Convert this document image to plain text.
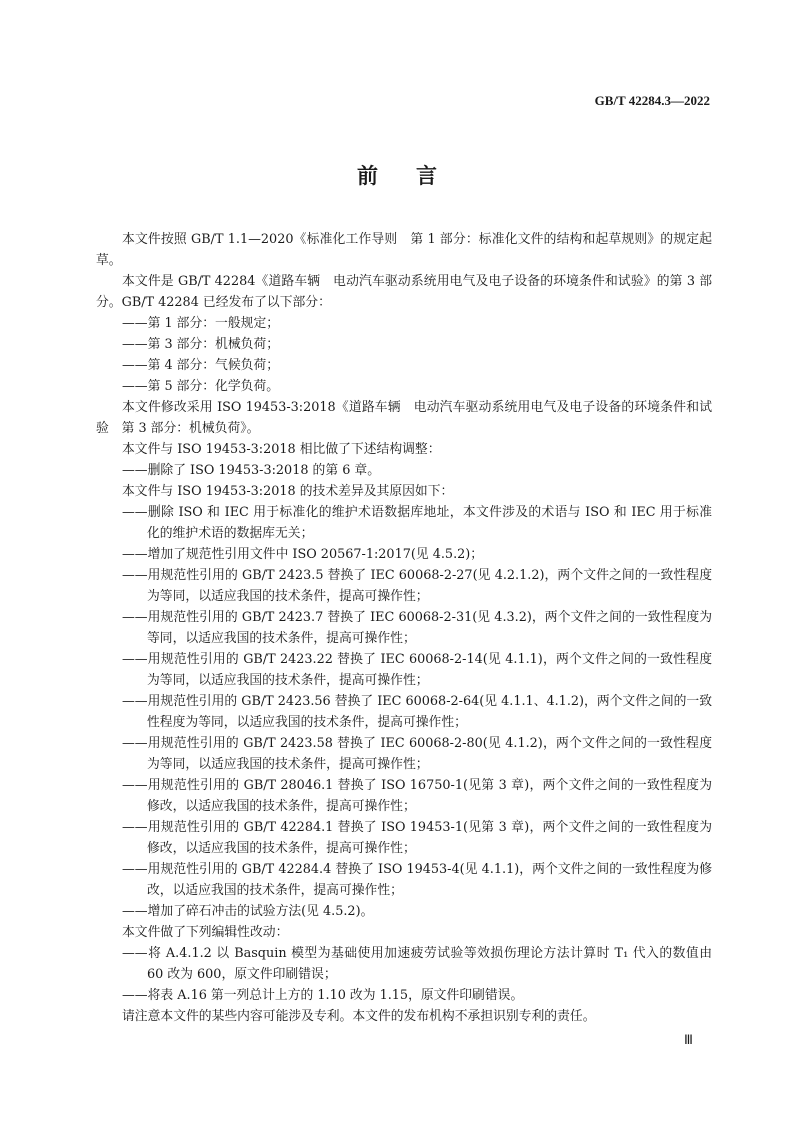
GB/T 42284.3—2022
前言

本文件按照 GB/T 1.1—2020《标准化工作导则　第 1 部分：标准化文件的结构和起草规则》的规定起草。

本文件是 GB/T 42284《道路车辆　电动汽车驱动系统用电气及电子设备的环境条件和试验》的第 3 部分。GB/T 42284 已经发布了以下部分：

——第 1 部分：一般规定；

——第 3 部分：机械负荷；

——第 4 部分：气候负荷；

——第 5 部分：化学负荷。

本文件修改采用 ISO 19453-3:2018《道路车辆　电动汽车驱动系统用电气及电子设备的环境条件和试验　第 3 部分：机械负荷》。

本文件与 ISO 19453-3:2018 相比做了下述结构调整：

——删除了 ISO 19453-3:2018 的第 6 章。

本文件与 ISO 19453-3:2018 的技术差异及其原因如下：

——删除 ISO 和 IEC 用于标准化的维护术语数据库地址，本文件涉及的术语与 ISO 和 IEC 用于标准化的维护术语的数据库无关；

——增加了规范性引用文件中 ISO 20567-1:2017(见 4.5.2)；

——用规范性引用的 GB/T 2423.5 替换了 IEC 60068-2-27(见 4.2.1.2)，两个文件之间的一致性程度为等同，以适应我国的技术条件，提高可操作性；

——用规范性引用的 GB/T 2423.7 替换了 IEC 60068-2-31(见 4.3.2)，两个文件之间的一致性程度为等同，以适应我国的技术条件，提高可操作性；

——用规范性引用的 GB/T 2423.22 替换了 IEC 60068-2-14(见 4.1.1)，两个文件之间的一致性程度为等同，以适应我国的技术条件，提高可操作性；

——用规范性引用的 GB/T 2423.56 替换了 IEC 60068-2-64(见 4.1.1、4.1.2)，两个文件之间的一致性程度为等同，以适应我国的技术条件，提高可操作性；

——用规范性引用的 GB/T 2423.58 替换了 IEC 60068-2-80(见 4.1.2)，两个文件之间的一致性程度为等同，以适应我国的技术条件，提高可操作性；

——用规范性引用的 GB/T 28046.1 替换了 ISO 16750-1(见第 3 章)，两个文件之间的一致性程度为修改，以适应我国的技术条件，提高可操作性；

——用规范性引用的 GB/T 42284.1 替换了 ISO 19453-1(见第 3 章)，两个文件之间的一致性程度为修改，以适应我国的技术条件，提高可操作性；

——用规范性引用的 GB/T 42284.4 替换了 ISO 19453-4(见 4.1.1)，两个文件之间的一致性程度为修改，以适应我国的技术条件，提高可操作性；

——增加了碎石冲击的试验方法(见 4.5.2)。

本文件做了下列编辑性改动：

——将 A.4.1.2 以 Basquin 模型为基础使用加速疲劳试验等效损伤理论方法计算时 T₁ 代入的数值由 60 改为 600，原文件印刷错误；

——将表 A.16 第一列总计上方的 1.10 改为 1.15，原文件印刷错误。

请注意本文件的某些内容可能涉及专利。本文件的发布机构不承担识别专利的责任。

Ⅲ
